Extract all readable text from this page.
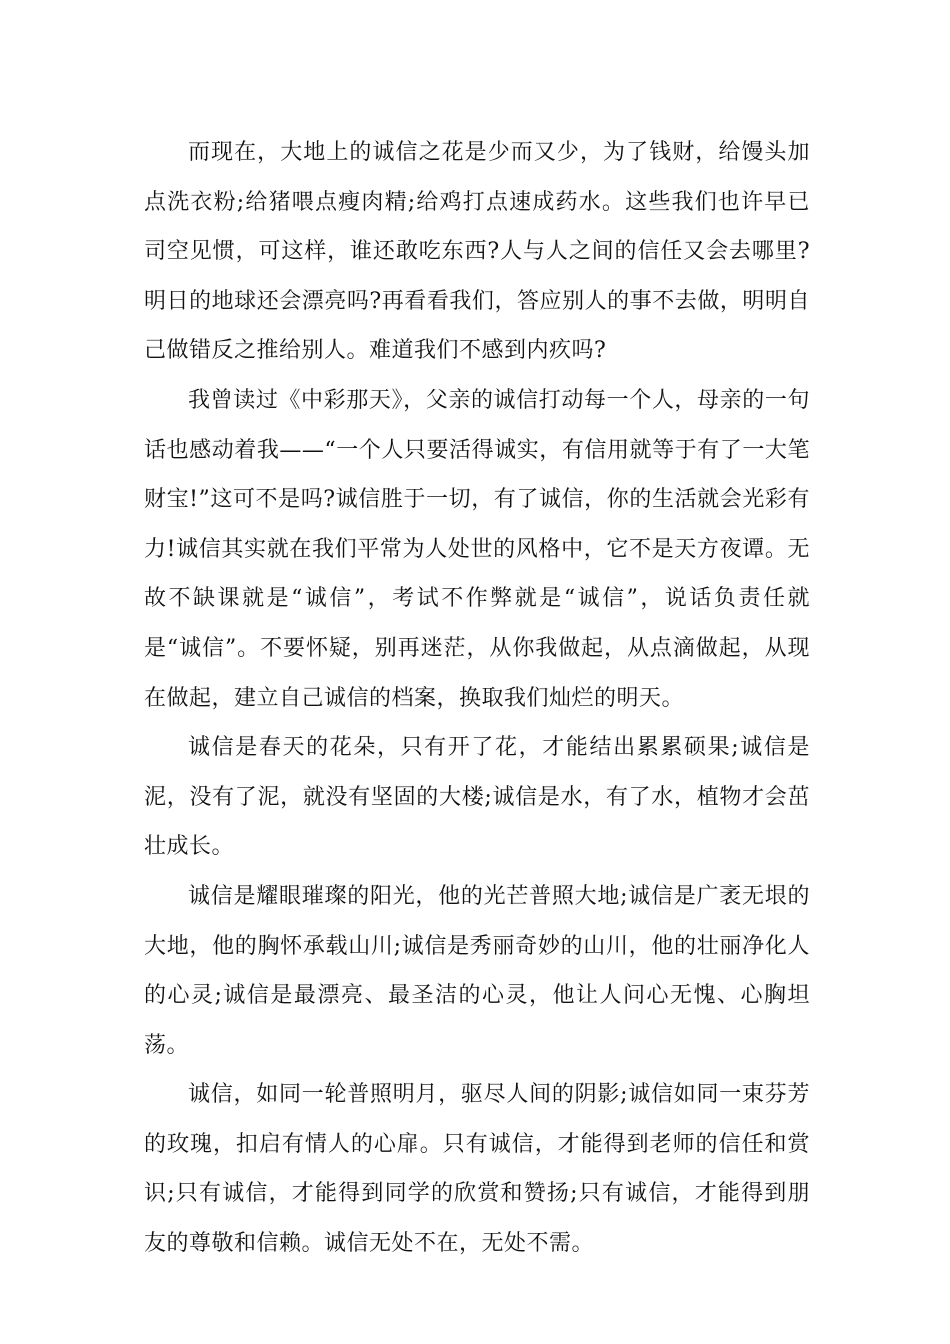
而现在，大地上的诚信之花是少而又少，为了钱财，给馒头加点洗衣粉;给猪喂点瘦肉精;给鸡打点速成药水。这些我们也许早已司空见惯，可这样，谁还敢吃东西?人与人之间的信任又会去哪里?明日的地球还会漂亮吗?再看看我们，答应别人的事不去做，明明自己做错反之推给别人。难道我们不感到内疚吗?

我曾读过《中彩那天》，父亲的诚信打动每一个人，母亲的一句话也感动着我——“一个人只要活得诚实，有信用就等于有了一大笔财宝!”这可不是吗?诚信胜于一切，有了诚信，你的生活就会光彩有力!诚信其实就在我们平常为人处世的风格中，它不是天方夜谭。无故不缺课就是“诚信”，考试不作弊就是“诚信”，说话负责任就是“诚信”。不要怀疑，别再迷茫，从你我做起，从点滴做起，从现在做起，建立自己诚信的档案，换取我们灿烂的明天。

诚信是春天的花朵，只有开了花，才能结出累累硕果;诚信是泥，没有了泥，就没有坚固的大楼;诚信是水，有了水，植物才会茁壮成长。

诚信是耀眼璀璨的阳光，他的光芒普照大地;诚信是广袤无垠的大地，他的胸怀承载山川;诚信是秀丽奇妙的山川，他的壮丽净化人的心灵;诚信是最漂亮、最圣洁的心灵，他让人问心无愧、心胸坦荡。

诚信，如同一轮普照明月，驱尽人间的阴影;诚信如同一束芬芳的玫瑰，扣启有情人的心扉。只有诚信，才能得到老师的信任和赏识;只有诚信，才能得到同学的欣赏和赞扬;只有诚信，才能得到朋友的尊敬和信赖。诚信无处不在，无处不需。
